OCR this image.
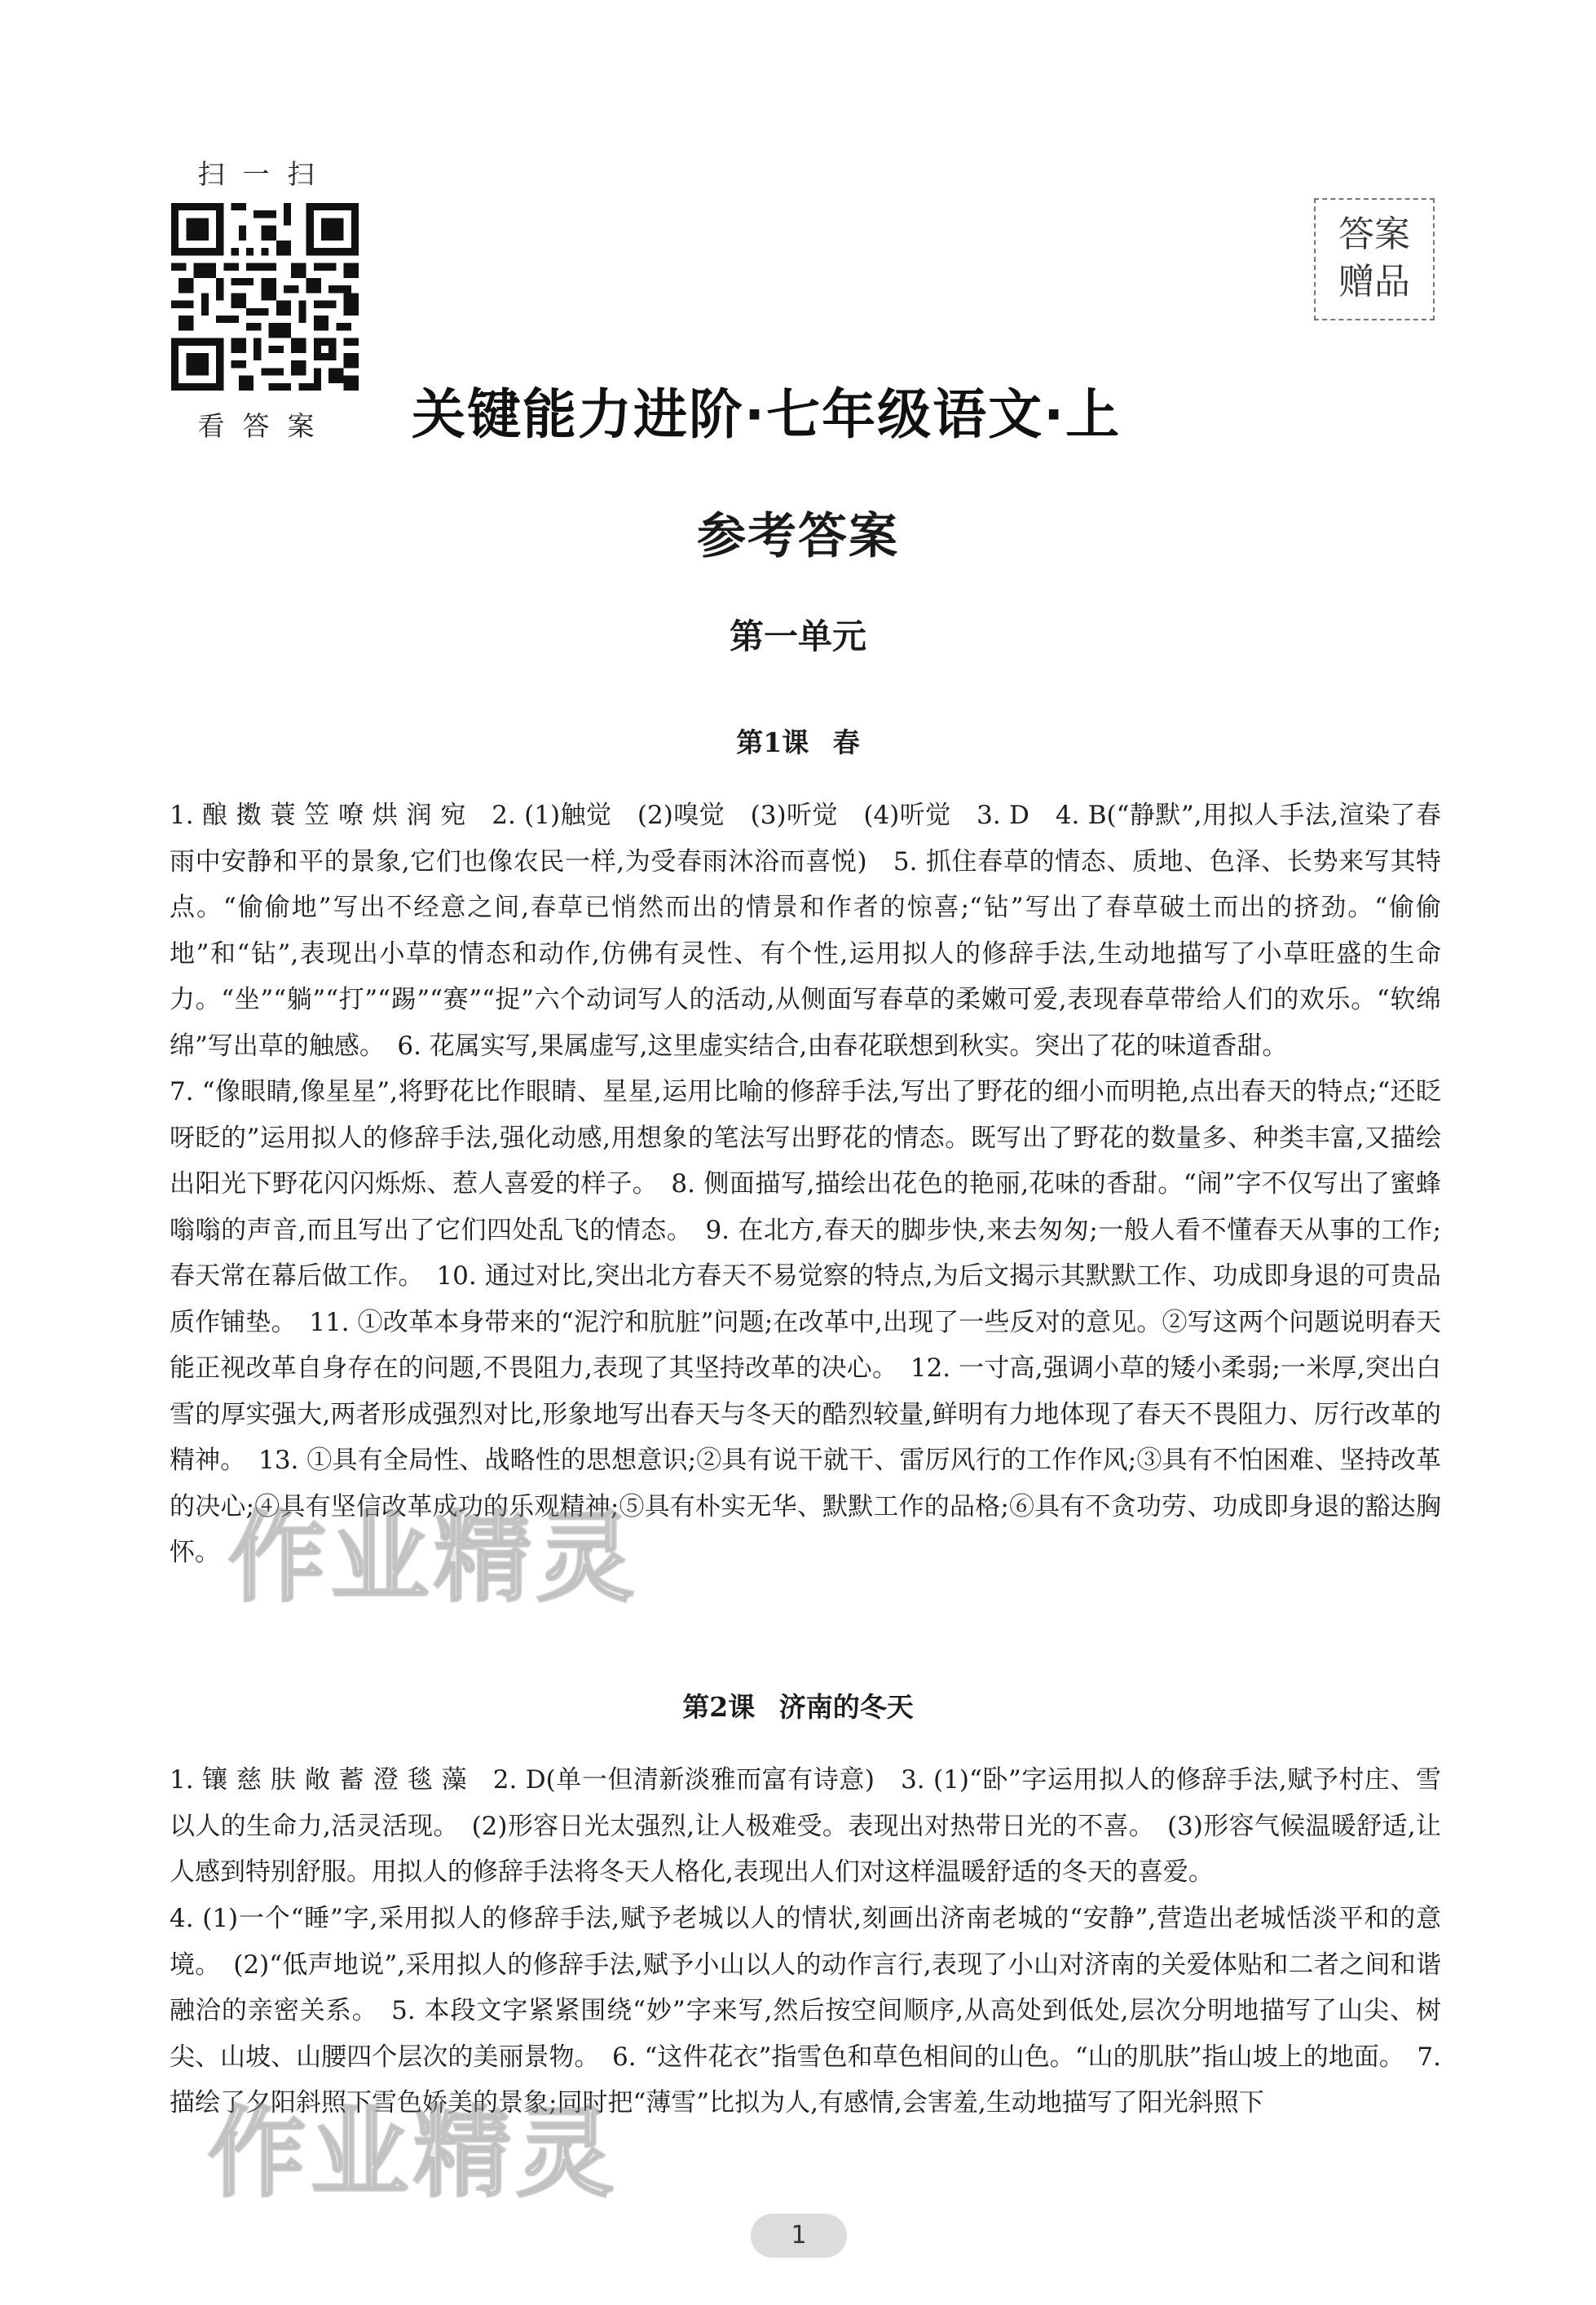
扫一扫
看答案
答案
赠品
关键能力进阶·七年级语文·上
参考答案
第一单元
第1课 春
1. 酿 擞 蓑 笠 嘹 烘 润 宛　2. (1)触觉　(2)嗅觉　(3)听觉　(4)听觉　3. D　4. B(“静默”,用拟人手法,渲染了春雨中安静和平的景象,它们也像农民一样,为受春雨沐浴而喜悦)　5. 抓住春草的情态、质地、色泽、长势来写其特点。“偷偷地”写出不经意之间,春草已悄然而出的情景和作者的惊喜;“钻”写出了春草破土而出的挤劲。“偷偷地”和“钻”,表现出小草的情态和动作,仿佛有灵性、有个性,运用拟人的修辞手法,生动地描写了小草旺盛的生命力。“坐”“躺”“打”“踢”“赛”“捉”六个动词写人的活动,从侧面写春草的柔嫩可爱,表现春草带给人们的欢乐。“软绵绵”写出草的触感。　6. 花属实写,果属虚写,这里虚实结合,由春花联想到秋实。突出了花的味道香甜。
7. “像眼睛,像星星”,将野花比作眼睛、星星,运用比喻的修辞手法,写出了野花的细小而明艳,点出春天的特点;“还眨呀眨的”运用拟人的修辞手法,强化动感,用想象的笔法写出野花的情态。既写出了野花的数量多、种类丰富,又描绘出阳光下野花闪闪烁烁、惹人喜爱的样子。　8. 侧面描写,描绘出花色的艳丽,花味的香甜。“闹”字不仅写出了蜜蜂嗡嗡的声音,而且写出了它们四处乱飞的情态。　9. 在北方,春天的脚步快,来去匆匆;一般人看不懂春天从事的工作;春天常在幕后做工作。　10. 通过对比,突出北方春天不易觉察的特点,为后文揭示其默默工作、功成即身退的可贵品质作铺垫。　11. ①改革本身带来的“泥泞和肮脏”问题;在改革中,出现了一些反对的意见。②写这两个问题说明春天能正视改革自身存在的问题,不畏阻力,表现了其坚持改革的决心。　12. 一寸高,强调小草的矮小柔弱;一米厚,突出白雪的厚实强大,两者形成强烈对比,形象地写出春天与冬天的酷烈较量,鲜明有力地体现了春天不畏阻力、厉行改革的精神。　13. ①具有全局性、战略性的思想意识;②具有说干就干、雷厉风行的工作作风;③具有不怕困难、坚持改革的决心;④具有坚信改革成功的乐观精神;⑤具有朴实无华、默默工作的品格;⑥具有不贪功劳、功成即身退的豁达胸怀。
第2课 济南的冬天
1. 镶 慈 肤 敞 蓄 澄 毯 藻　2. D(单一但清新淡雅而富有诗意)　3. (1)“卧”字运用拟人的修辞手法,赋予村庄、雪以人的生命力,活灵活现。　(2)形容日光太强烈,让人极难受。表现出对热带日光的不喜。　(3)形容气候温暖舒适,让人感到特别舒服。用拟人的修辞手法将冬天人格化,表现出人们对这样温暖舒适的冬天的喜爱。
4. (1)一个“睡”字,采用拟人的修辞手法,赋予老城以人的情状,刻画出济南老城的“安静”,营造出老城恬淡平和的意境。　(2)“低声地说”,采用拟人的修辞手法,赋予小山以人的动作言行,表现了小山对济南的关爱体贴和二者之间和谐融洽的亲密关系。　5. 本段文字紧紧围绕“妙”字来写,然后按空间顺序,从高处到低处,层次分明地描写了山尖、树尖、山坡、山腰四个层次的美丽景物。　6. “这件花衣”指雪色和草色相间的山色。“山的肌肤”指山坡上的地面。　7. 描绘了夕阳斜照下雪色娇美的景象;同时把“薄雪”比拟为人,有感情,会害羞,生动地描写了阳光斜照下
作业精灵
作业精灵
1
